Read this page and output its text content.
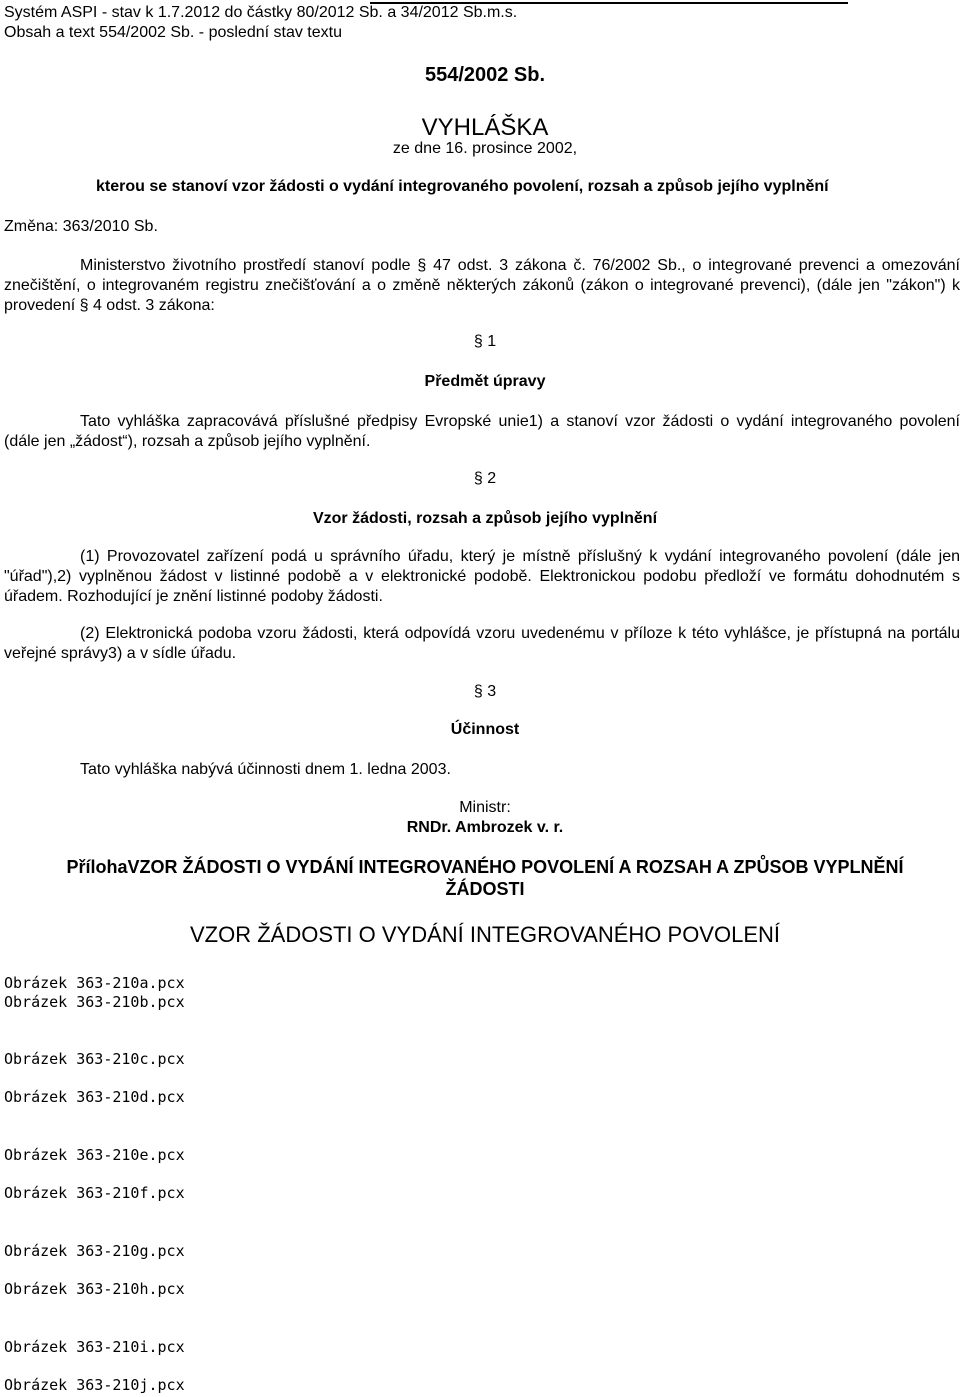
Systém ASPI - stav k 1.7.2012 do částky 80/2012 Sb. a 34/2012 Sb.m.s.
Obsah a text 554/2002 Sb. - poslední stav textu
554/2002 Sb.
VYHLÁŠKA
ze dne 16. prosince 2002,
kterou se stanoví vzor žádosti o vydání integrovaného povolení, rozsah a způsob jejího vyplnění
Změna: 363/2010 Sb.
Ministerstvo životního prostředí stanoví podle § 47 odst. 3 zákona č. 76/2002 Sb., o integrované prevenci a omezování znečištění, o integrovaném registru znečišťování a o změně některých zákonů (zákon o integrované prevenci), (dále jen "zákon") k provedení § 4 odst. 3 zákona:
§ 1
Předmět úpravy
Tato vyhláška zapracovává příslušné předpisy Evropské unie1) a stanoví vzor žádosti o vydání integrovaného povolení (dále jen „žádost“), rozsah a způsob jejího vyplnění.
§ 2
Vzor žádosti, rozsah a způsob jejího vyplnění
(1) Provozovatel zařízení podá u správního úřadu, který je místně příslušný k vydání integrovaného povolení (dále jen "úřad"),2) vyplněnou žádost v listinné podobě a v elektronické podobě. Elektronickou podobu předloží ve formátu dohodnutém s úřadem. Rozhodující je znění listinné podoby žádosti.
(2) Elektronická podoba vzoru žádosti, která odpovídá vzoru uvedenému v příloze k této vyhlášce, je přístupná na portálu veřejné správy3) a v sídle úřadu.
§ 3
Účinnost
Tato vyhláška nabývá účinnosti dnem 1. ledna 2003.
Ministr:
RNDr. Ambrozek v. r.
PřílohaVZOR ŽÁDOSTI O VYDÁNÍ INTEGROVANÉHO POVOLENÍ A ROZSAH A ZPŮSOB VYPLNĚNÍ
ŽÁDOSTI
VZOR ŽÁDOSTI O VYDÁNÍ INTEGROVANÉHO POVOLENÍ
Obrázek 363-210a.pcx
Obrázek 363-210b.pcx
Obrázek 363-210c.pcx
Obrázek 363-210d.pcx
Obrázek 363-210e.pcx
Obrázek 363-210f.pcx
Obrázek 363-210g.pcx
Obrázek 363-210h.pcx
Obrázek 363-210i.pcx
Obrázek 363-210j.pcx
